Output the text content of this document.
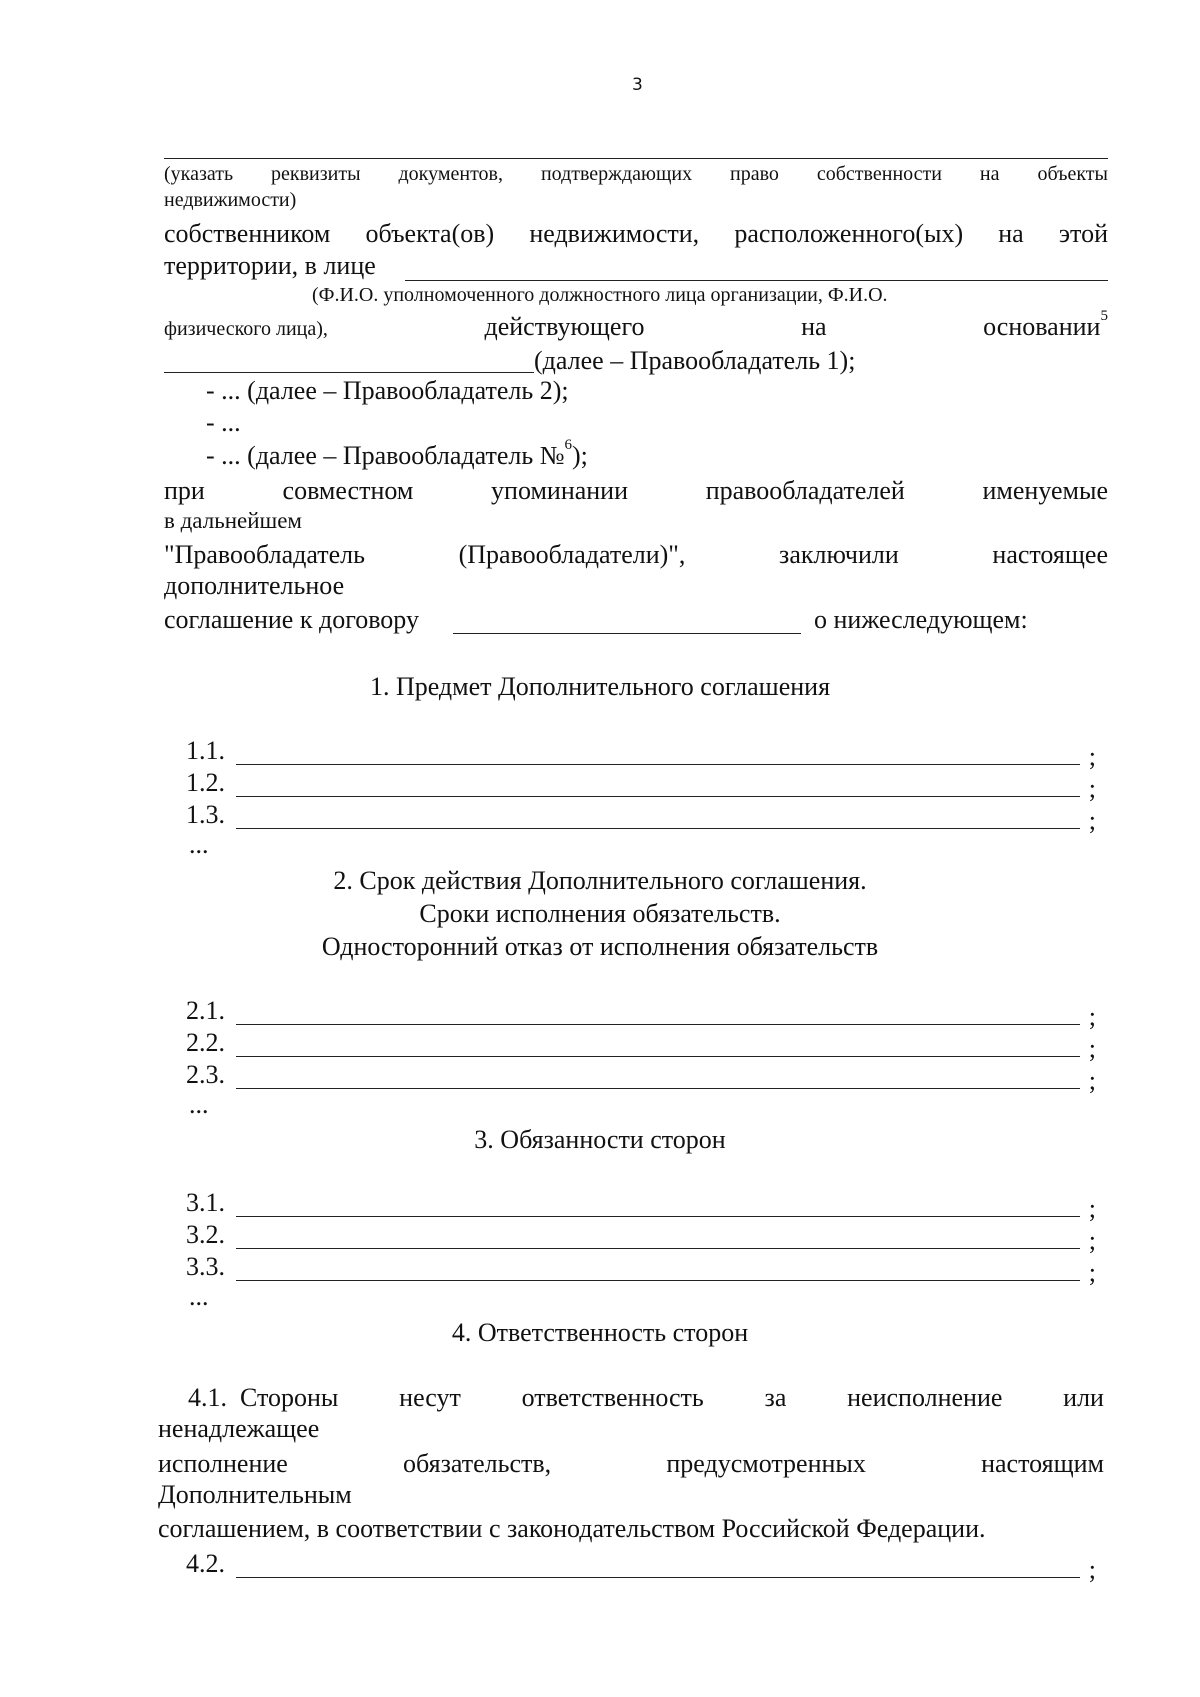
3
(указать реквизиты документов, подтверждающих право собственности на объекты
недвижимости)
собственником объекта(ов) недвижимости, расположенного(ых) на этой
территории, в лице
(Ф.И.О. уполномоченного должностного лица организации, Ф.И.О.
физического лица),	действующего	на	основании$^5$
(далее – Правообладатель 1);
- ... (далее – Правообладатель 2);
- ...
- ... (далее – Правообладатель №$^6$);
при	совместном	упоминании	правообладателей	именуемые
в дальнейшем
"Правообладатель	(Правообладатели)",	заключили	настоящее
дополнительное
соглашение к договору	о нижеследующем:
1. Предмет Дополнительного соглашения
1.1.	;
1.2.	;
1.3.	;
...
2. Срок действия Дополнительного соглашения.
Сроки исполнения обязательств.
Односторонний отказ от исполнения обязательств
2.1.	;
2.2.	;
2.3.	;
...
3. Обязанности сторон
3.1.	;
3.2.	;
3.3.	;
...
4. Ответственность сторон
4.1.  Стороны несут ответственность за неисполнение или
ненадлежащее
исполнение	обязательств,	предусмотренных	настоящим
Дополнительным
соглашением, в соответствии с законодательством Российской Федерации.
4.2.	;
